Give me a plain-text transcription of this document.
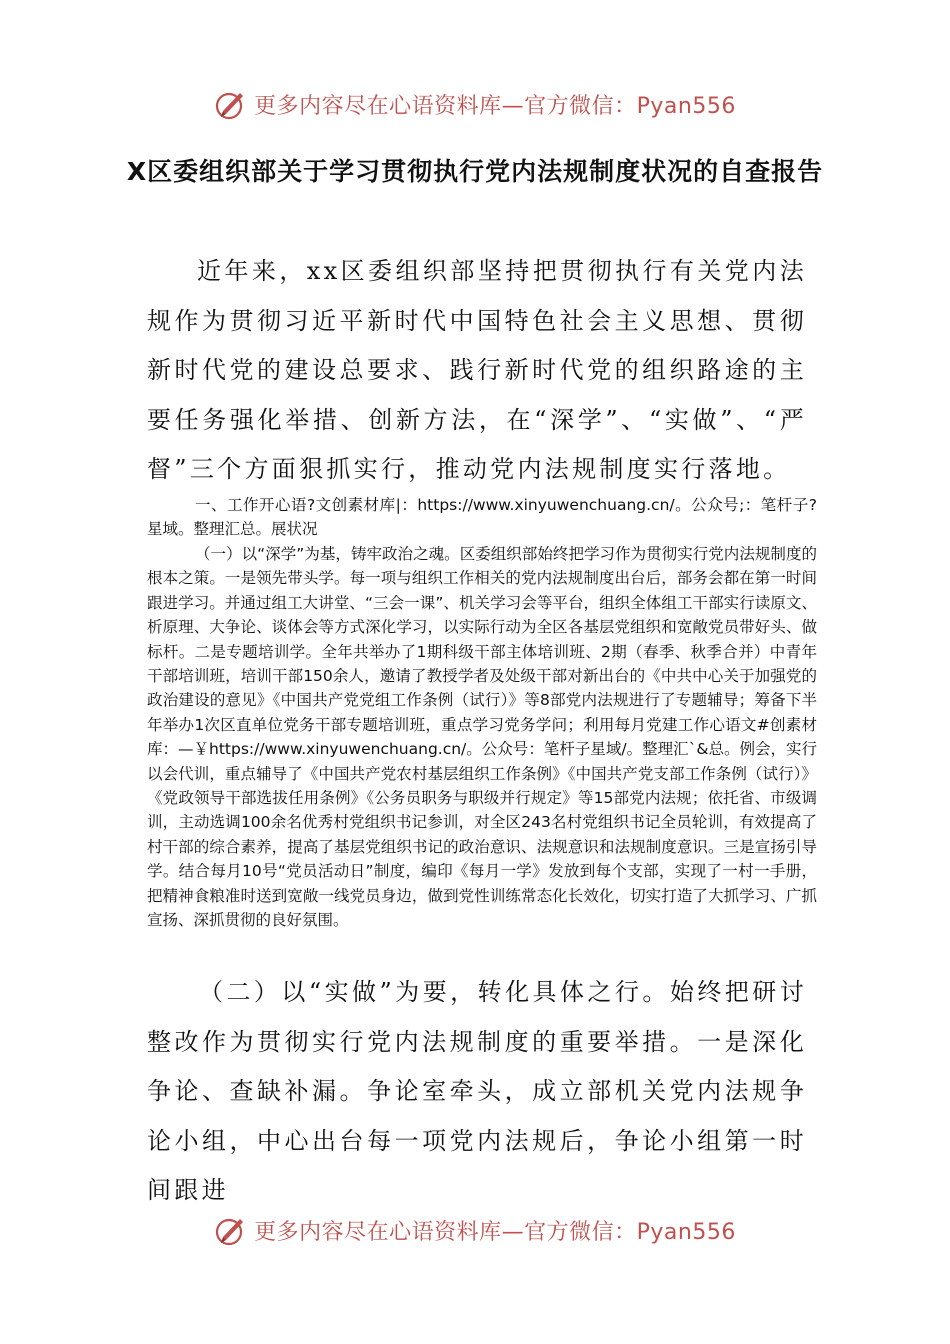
更多内容尽在心语资料库—官方微信：Pyan556
X区委组织部关于学习贯彻执行党内法规制度状况的自查报告

近年来，xx区委组织部坚持把贯彻执行有关党内法规作为贯彻习近平新时代中国特色社会主义思想、贯彻新时代党的建设总要求、践行新时代党的组织路途的主要任务强化举措、创新方法，在“深学”、“实做”、“严督”三个方面狠抓实行，推动党内法规制度实行落地。

一、工作开心语?文创素材库|：https://www.xinyuwenchuang.cn/。公众号;：笔杆子?星域。整理汇总。展状况

（一）以“深学”为基，铸牢政治之魂。区委组织部始终把学习作为贯彻实行党内法规制度的根本之策。一是领先带头学。每一项与组织工作相关的党内法规制度出台后，部务会都在第一时间跟进学习。并通过组工大讲堂、“三会一课”、机关学习会等平台，组织全体组工干部实行读原文、析原理、大争论、谈体会等方式深化学习，以实际行动为全区各基层党组织和宽敞党员带好头、做标杆。二是专题培训学。全年共举办了1期科级干部主体培训班、2期（春季、秋季合并）中青年干部培训班，培训干部150余人，邀请了教授学者及处级干部对新出台的《中共中心关于加强党的政治建设的意见》《中国共产党党组工作条例（试行）》等8部党内法规进行了专题辅导；筹备下半年举办1次区直单位党务干部专题培训班，重点学习党务学问；利用每月党建工作心语文#创素材库：—￥https://www.xinyuwenchuang.cn/。公众号：笔杆子星域/。整理汇`&总。例会，实行以会代训，重点辅导了《中国共产党农村基层组织工作条例》《中国共产党支部工作条例（试行）》《党政领导干部选拔任用条例》《公务员职务与职级并行规定》等15部党内法规；依托省、市级调训，主动选调100余名优秀村党组织书记参训，对全区243名村党组织书记全员轮训，有效提高了村干部的综合素养，提高了基层党组织书记的政治意识、法规意识和法规制度意识。三是宣扬引导学。结合每月10号“党员活动日”制度，编印《每月一学》发放到每个支部，实现了一村一手册，把精神食粮准时送到宽敞一线党员身边，做到党性训练常态化长效化，切实打造了大抓学习、广抓宣扬、深抓贯彻的良好氛围。

（二）以“实做”为要，转化具体之行。始终把研讨整改作为贯彻实行党内法规制度的重要举措。一是深化争论、查缺补漏。争论室牵头，成立部机关党内法规争论小组，中心出台每一项党内法规后，争论小组第一时间跟进

更多内容尽在心语资料库—官方微信：Pyan556
